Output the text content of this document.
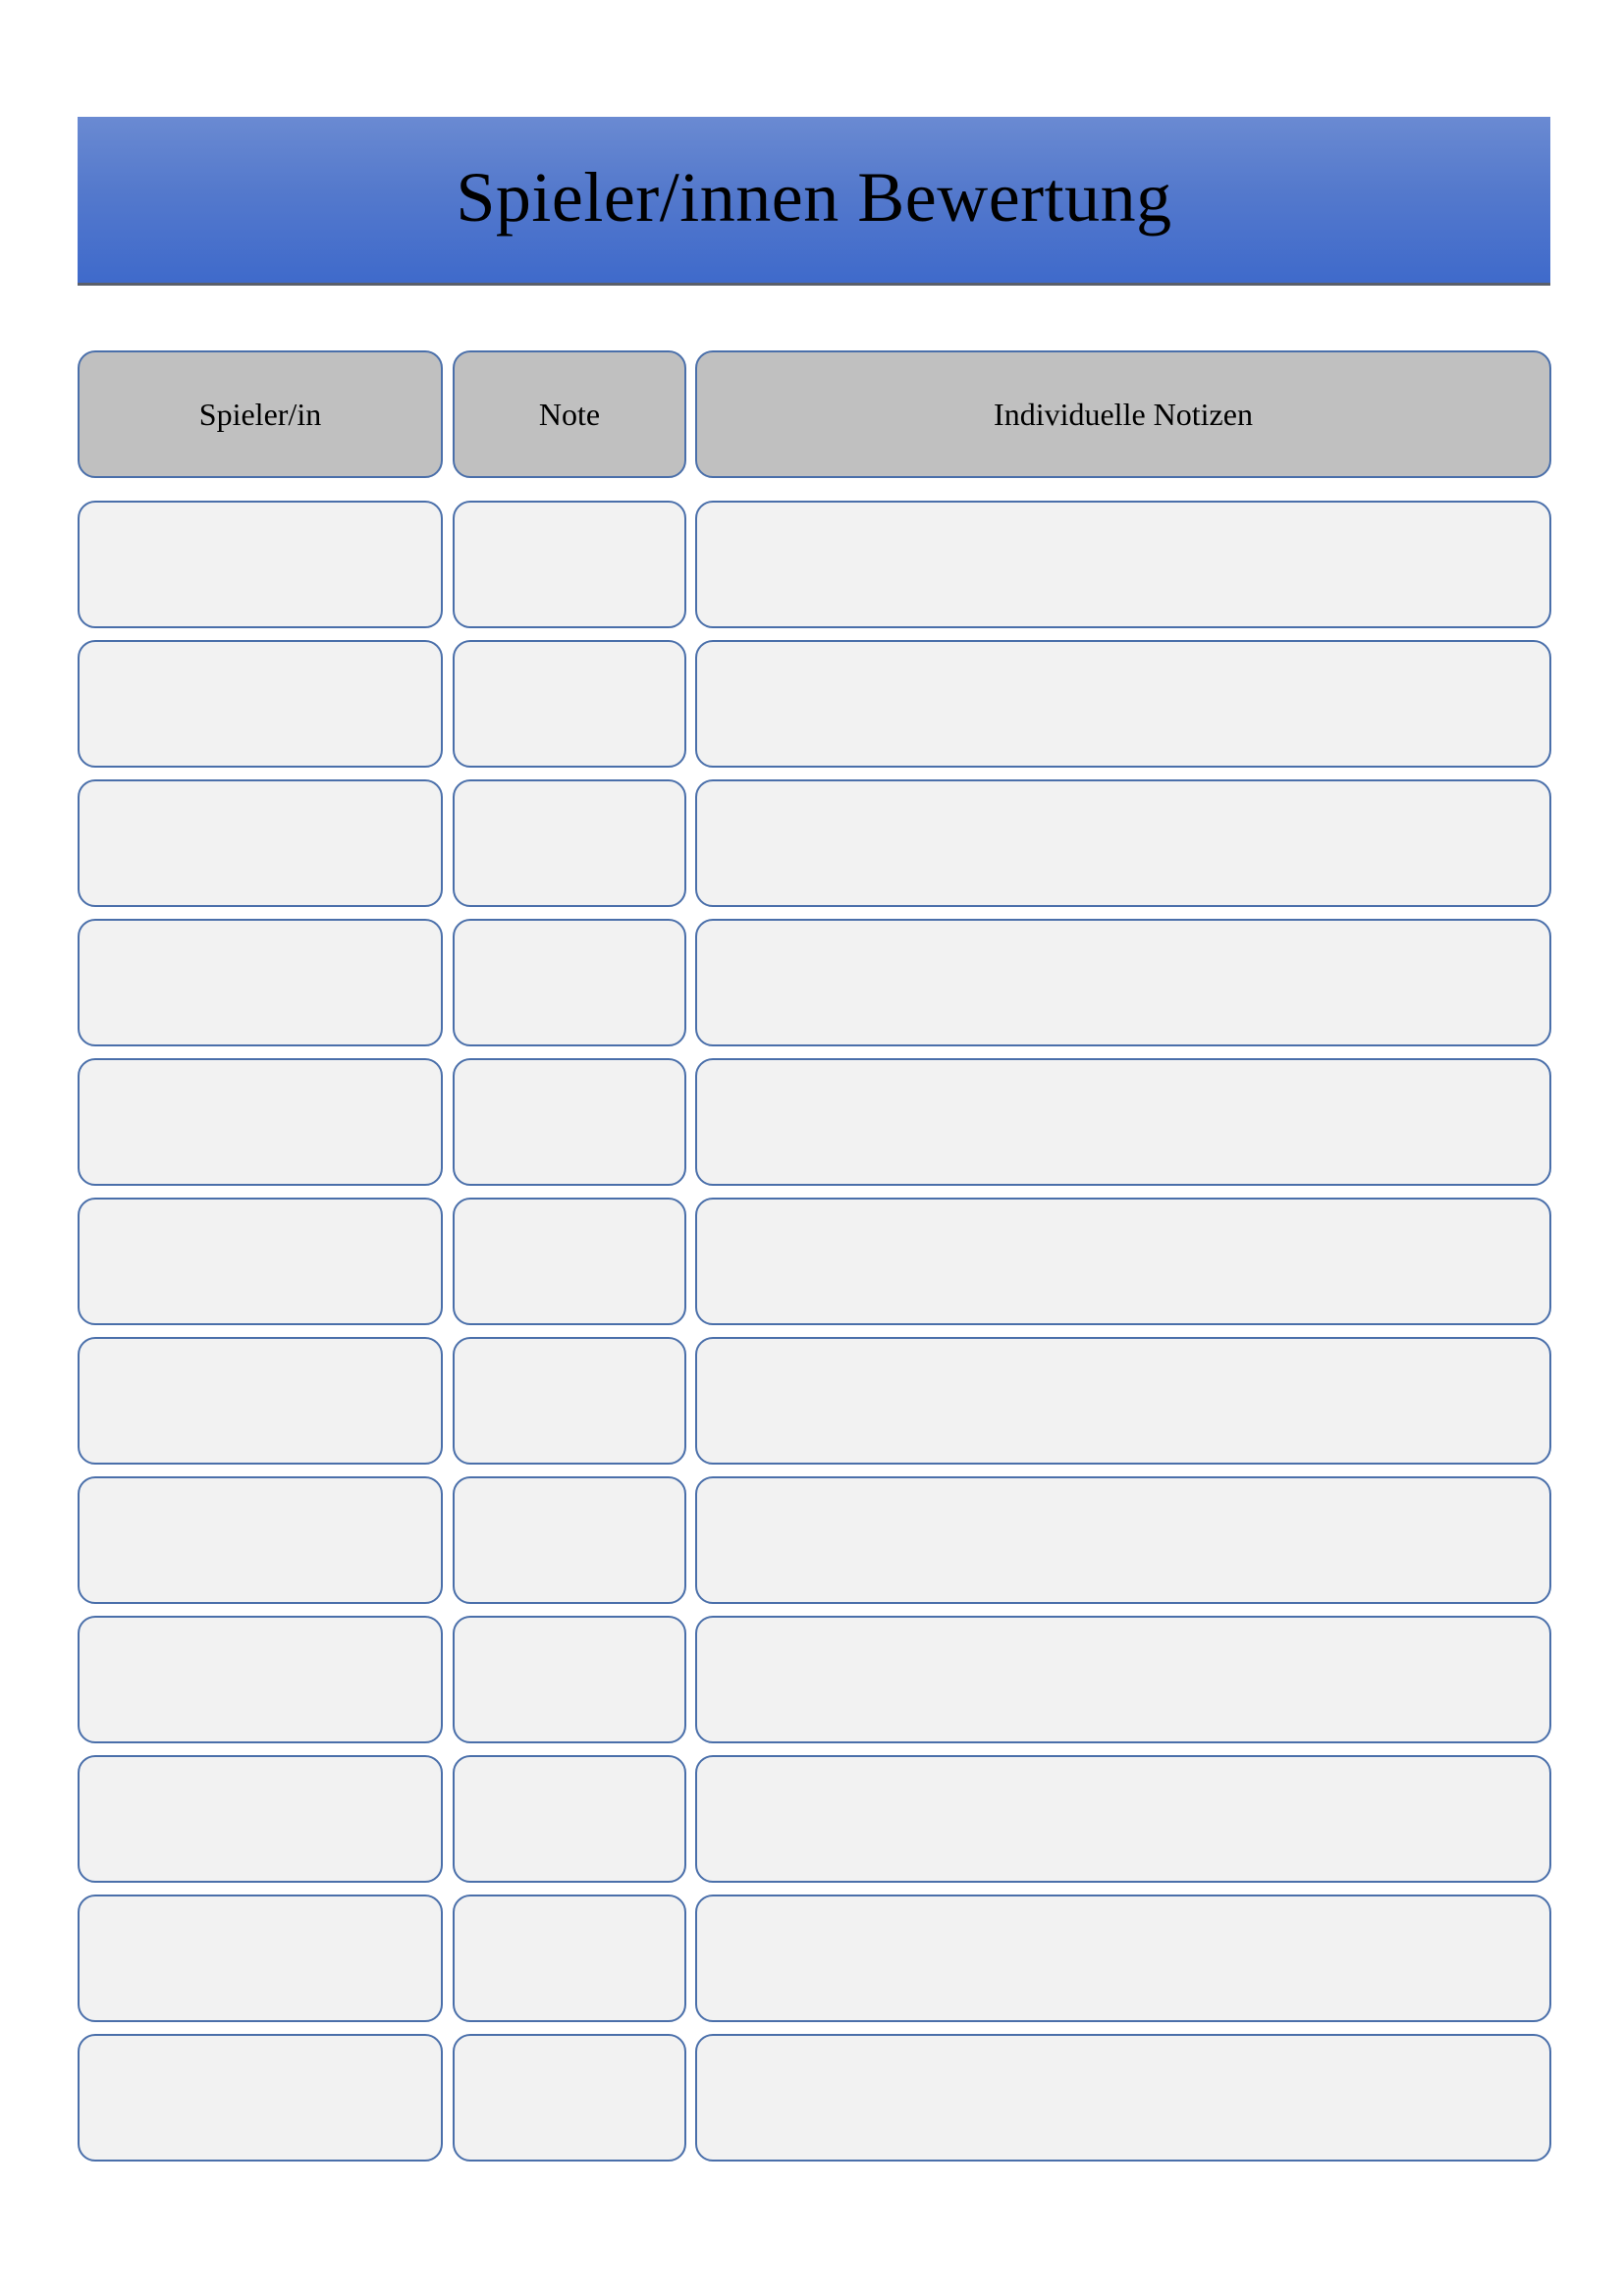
Spieler/innen Bewertung
Spieler/in	Note	Individuelle Notizen
